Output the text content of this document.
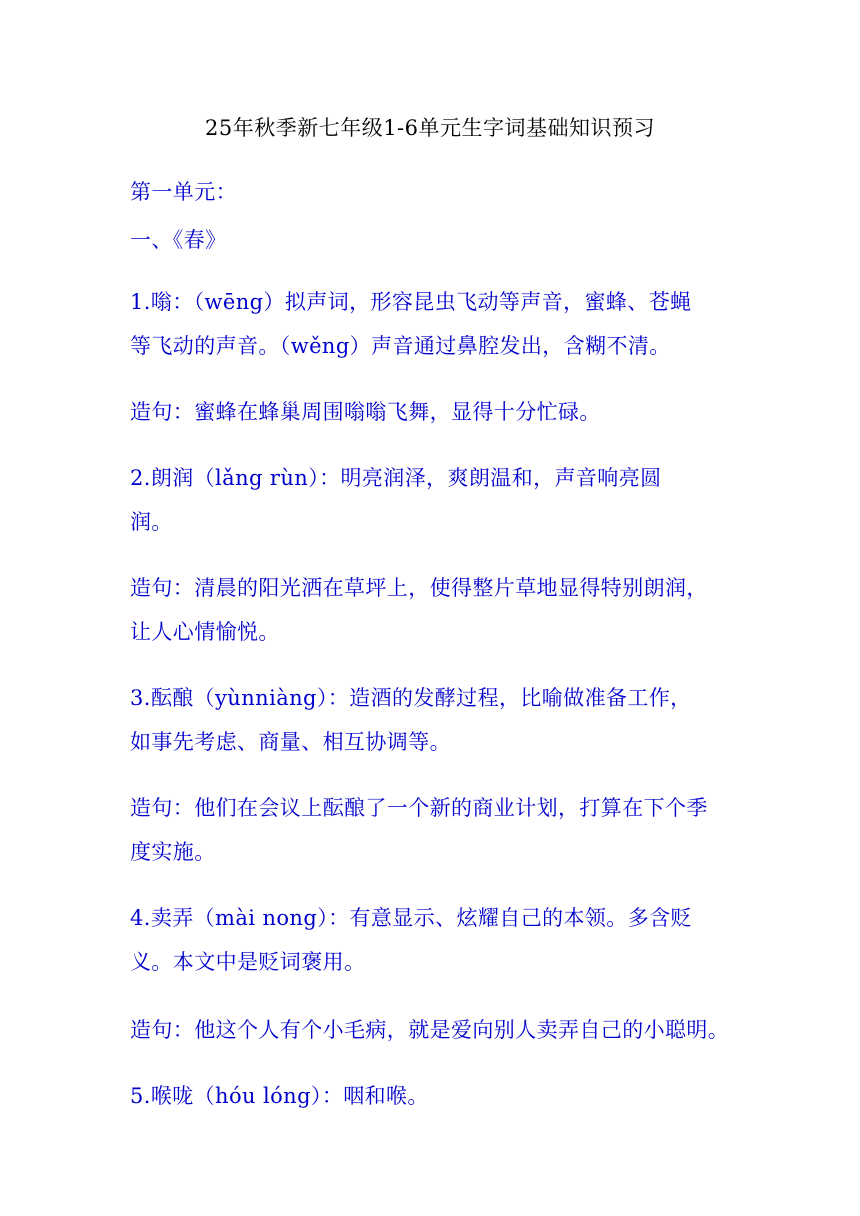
25年秋季新七年级1-6单元生字词基础知识预习
第一单元：
一、《春》
1.嗡：（wēng）拟声词，形容昆虫飞动等声音，蜜蜂、苍蝇
等飞动的声音。（wěng）声音通过鼻腔发出，含糊不清。
造句：蜜蜂在蜂巢周围嗡嗡飞舞，显得十分忙碌。
2.朗润（lǎng rùn）：明亮润泽，爽朗温和，声音响亮圆
润。
造句：清晨的阳光洒在草坪上，使得整片草地显得特别朗润，
让人心情愉悦。
3.酝酿（yùnniàng）：造酒的发酵过程，比喻做准备工作，
如事先考虑、商量、相互协调等。
造句：他们在会议上酝酿了一个新的商业计划，打算在下个季
度实施。
4.卖弄（mài nong）：有意显示、炫耀自己的本领。多含贬
义。本文中是贬词褒用。
造句：他这个人有个小毛病，就是爱向别人卖弄自己的小聪明。
5.喉咙（hóu lóng）：咽和喉。
